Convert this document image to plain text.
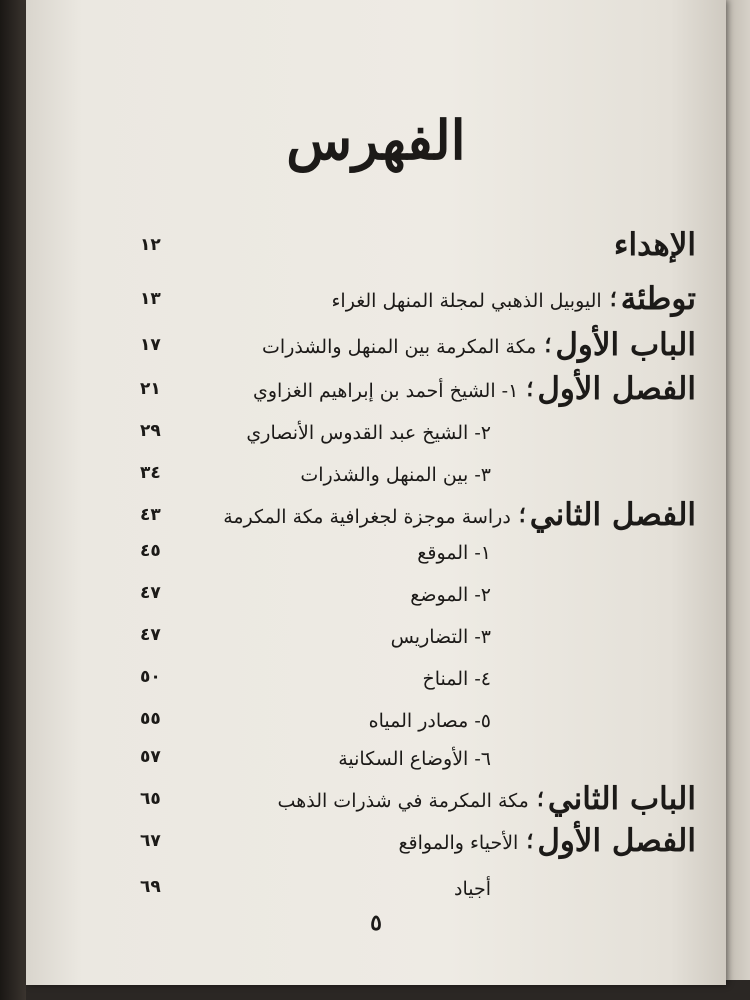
الفهرس
الإهداء
١٢
توطئة
؛
اليوبيل الذهبي لمجلة المنهل الغراء
١٣
الباب الأول
؛
مكة المكرمة بين المنهل والشذرات
١٧
الفصل الأول
؛
١- الشيخ أحمد بن إبراهيم الغزاوي
٢١
٢- الشيخ عبد القدوس الأنصاري
٢٩
٣- بين المنهل والشذرات
٣٤
الفصل الثاني
؛
دراسة موجزة لجغرافية مكة المكرمة
٤٣
١- الموقع
٤٥
٢- الموضع
٤٧
٣- التضاريس
٤٧
٤- المناخ
٥٠
٥- مصادر المياه
٥٥
٦- الأوضاع السكانية
٥٧
الباب الثاني
؛
مكة المكرمة في شذرات الذهب
٦٥
الفصل الأول
؛
الأحياء والمواقع
٦٧
أجياد
٦٩
٥
